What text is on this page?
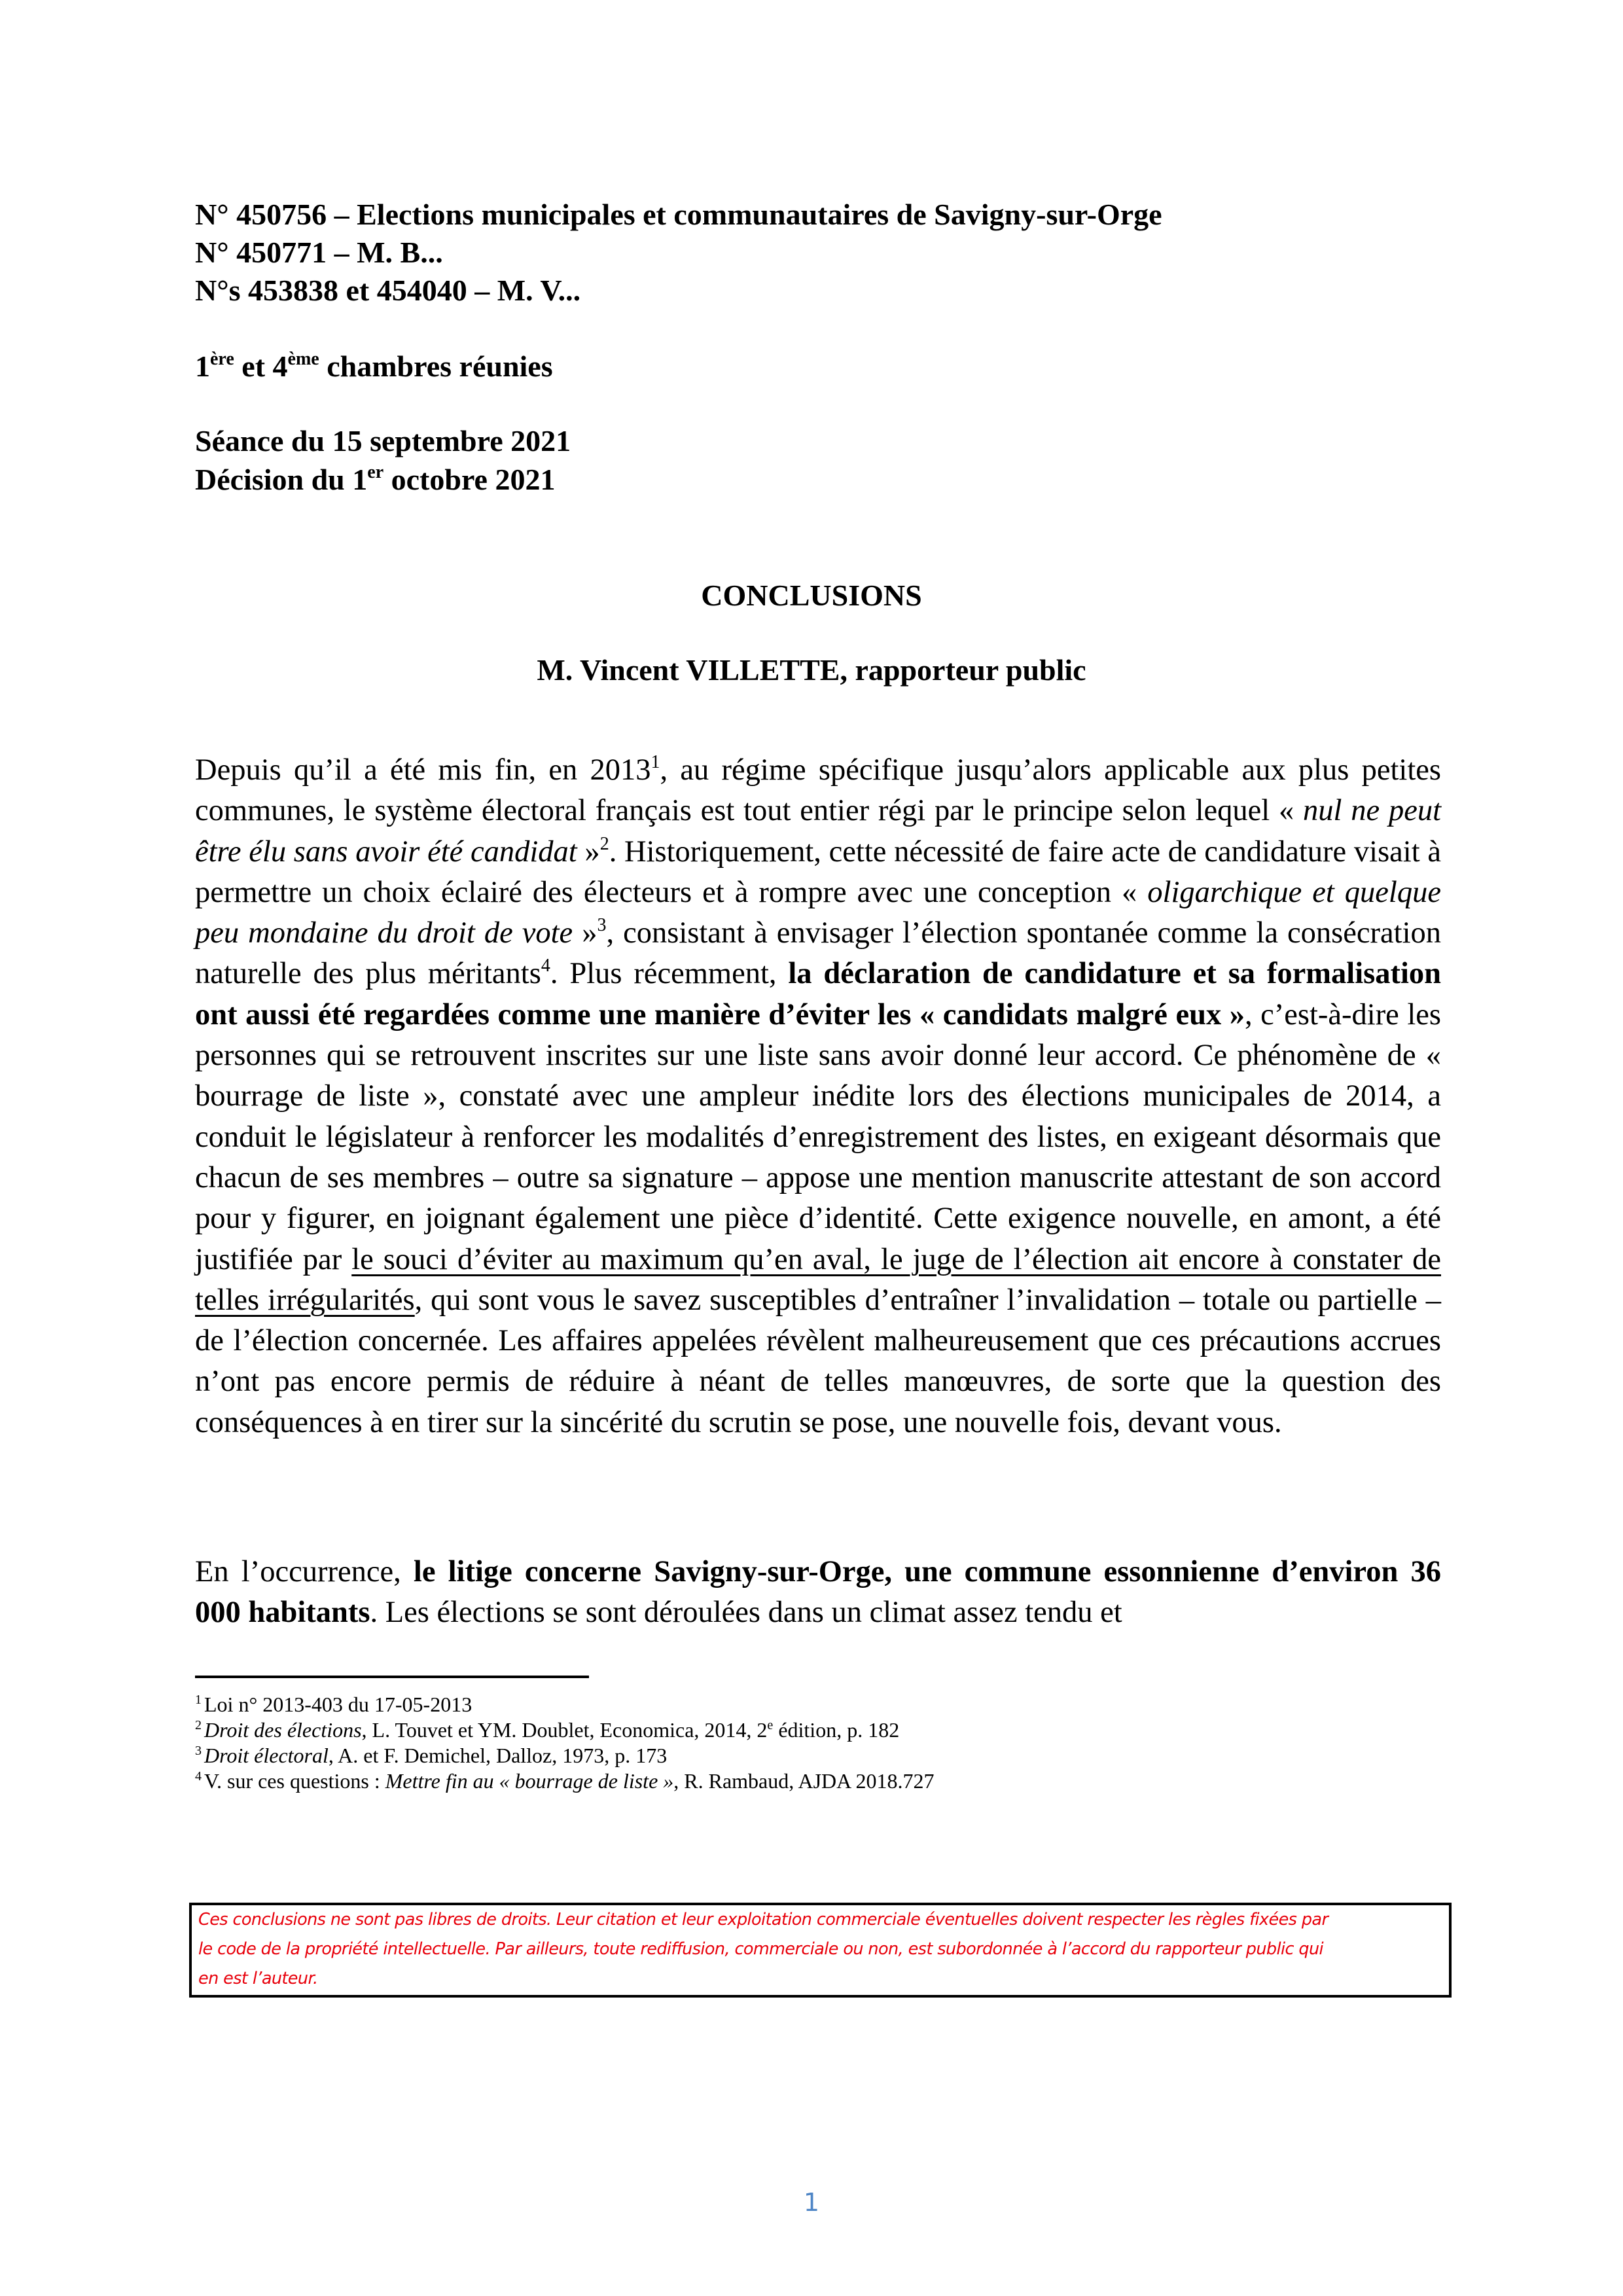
N° 450756 – Elections municipales et communautaires de Savigny-sur-Orge
N° 450771 – M. B...
N°s 453838 et 454040 – M. V...
1ère et 4ème chambres réunies
Séance du 15 septembre 2021
Décision du 1er octobre 2021
CONCLUSIONS
M. Vincent VILLETTE, rapporteur public

Depuis qu’il a été mis fin, en 2013$^1$, au régime spécifique jusqu’alors applicable aux plus petites communes, le système électoral français est tout entier régi par le principe selon lequel « nul ne peut être élu sans avoir été candidat »$^2$. Historiquement, cette nécessité de faire acte de candidature visait à permettre un choix éclairé des électeurs et à rompre avec une conception « oligarchique et quelque peu mondaine du droit de vote »$^3$, consistant à envisager l’élection spontanée comme la consécration naturelle des plus méritants$^4$. Plus récemment, la déclaration de candidature et sa formalisation ont aussi été regardées comme une manière d’éviter les « candidats malgré eux », c’est-à-dire les personnes qui se retrouvent inscrites sur une liste sans avoir donné leur accord. Ce phénomène de « bourrage de liste », constaté avec une ampleur inédite lors des élections municipales de 2014, a conduit le législateur à renforcer les modalités d’enregistrement des listes, en exigeant désormais que chacun de ses membres – outre sa signature – appose une mention manuscrite attestant de son accord pour y figurer, en joignant également une pièce d’identité. Cette exigence nouvelle, en amont, a été justifiée par le souci d’éviter au maximum qu’en aval, le juge de l’élection ait encore à constater de telles irrégularités, qui sont vous le savez susceptibles d’entraîner l’invalidation – totale ou partielle – de l’élection concernée. Les affaires appelées révèlent malheureusement que ces précautions accrues n’ont pas encore permis de réduire à néant de telles manœuvres, de sorte que la question des conséquences à en tirer sur la sincérité du scrutin se pose, une nouvelle fois, devant vous.

En l’occurrence, le litige concerne Savigny-sur-Orge, une commune essonnienne d’environ 36 000 habitants. Les élections se sont déroulées dans un climat assez tendu et

$^1$ Loi n° 2013-403 du 17-05-2013
$^2$ Droit des élections, L. Touvet et YM. Doublet, Economica, 2014, 2e édition, p. 182
$^3$ Droit électoral, A. et F. Demichel, Dalloz, 1973, p. 173
$^4$ V. sur ces questions : Mettre fin au « bourrage de liste », R. Rambaud, AJDA 2018.727
Ces conclusions ne sont pas libres de droits. Leur citation et leur exploitation commerciale éventuelles doivent respecter les règles fixées par
le code de la propriété intellectuelle. Par ailleurs, toute rediffusion, commerciale ou non, est subordonnée à l’accord du rapporteur public qui
en est l’auteur.
1
